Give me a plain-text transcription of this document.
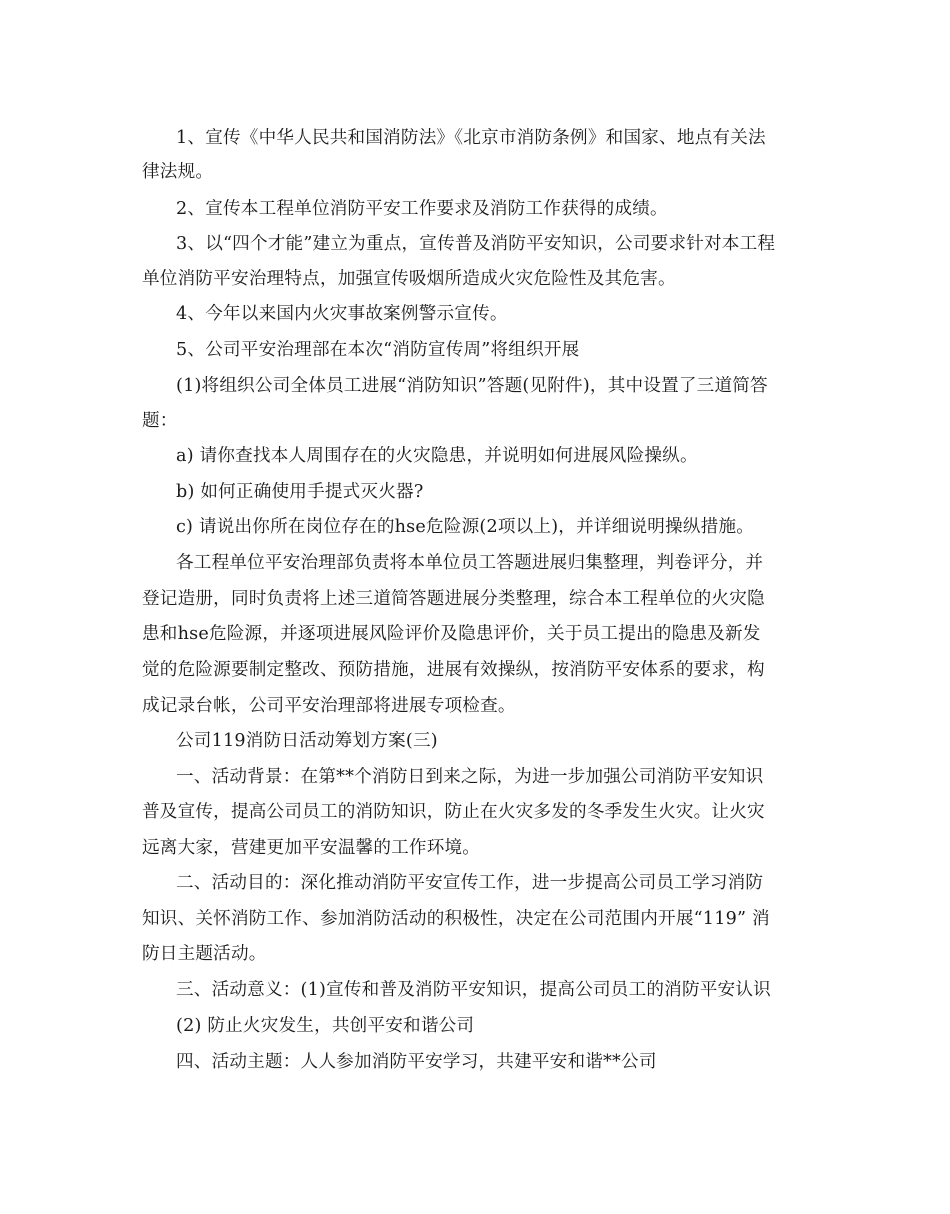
1、宣传《中华人民共和国消防法》《北京市消防条例》和国家、地点有关法
律法规。
2、宣传本工程单位消防平安工作要求及消防工作获得的成绩。
3、以“四个才能”建立为重点，宣传普及消防平安知识，公司要求针对本工程
单位消防平安治理特点，加强宣传吸烟所造成火灾危险性及其危害。
4、今年以来国内火灾事故案例警示宣传。
5、公司平安治理部在本次“消防宣传周”将组织开展
(1)将组织公司全体员工进展“消防知识”答题(见附件)，其中设置了三道简答
题：
a) 请你查找本人周围存在的火灾隐患，并说明如何进展风险操纵。
b) 如何正确使用手提式灭火器?
c) 请说出你所在岗位存在的hse危险源(2项以上)，并详细说明操纵措施。
各工程单位平安治理部负责将本单位员工答题进展归集整理，判卷评分，并
登记造册，同时负责将上述三道简答题进展分类整理，综合本工程单位的火灾隐
患和hse危险源，并逐项进展风险评价及隐患评价，关于员工提出的隐患及新发
觉的危险源要制定整改、预防措施，进展有效操纵，按消防平安体系的要求，构
成记录台帐，公司平安治理部将进展专项检查。
公司119消防日活动筹划方案(三)
一、活动背景：在第**个消防日到来之际，为进一步加强公司消防平安知识
普及宣传，提高公司员工的消防知识，防止在火灾多发的冬季发生火灾。让火灾
远离大家，营建更加平安温馨的工作环境。
二、活动目的：深化推动消防平安宣传工作，进一步提高公司员工学习消防
知识、关怀消防工作、参加消防活动的积极性，决定在公司范围内开展“119” 消
防日主题活动。
三、活动意义：(1)宣传和普及消防平安知识，提高公司员工的消防平安认识
(2) 防止火灾发生，共创平安和谐公司
四、活动主题：人人参加消防平安学习，共建平安和谐**公司
